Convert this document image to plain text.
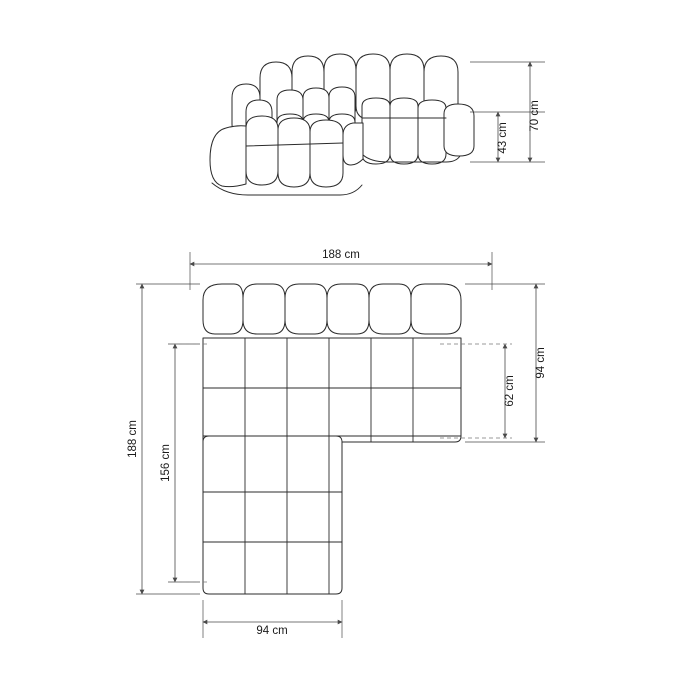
70 cm
43 cm
188 cm
188 cm
156 cm
94 cm
62 cm
94 cm
